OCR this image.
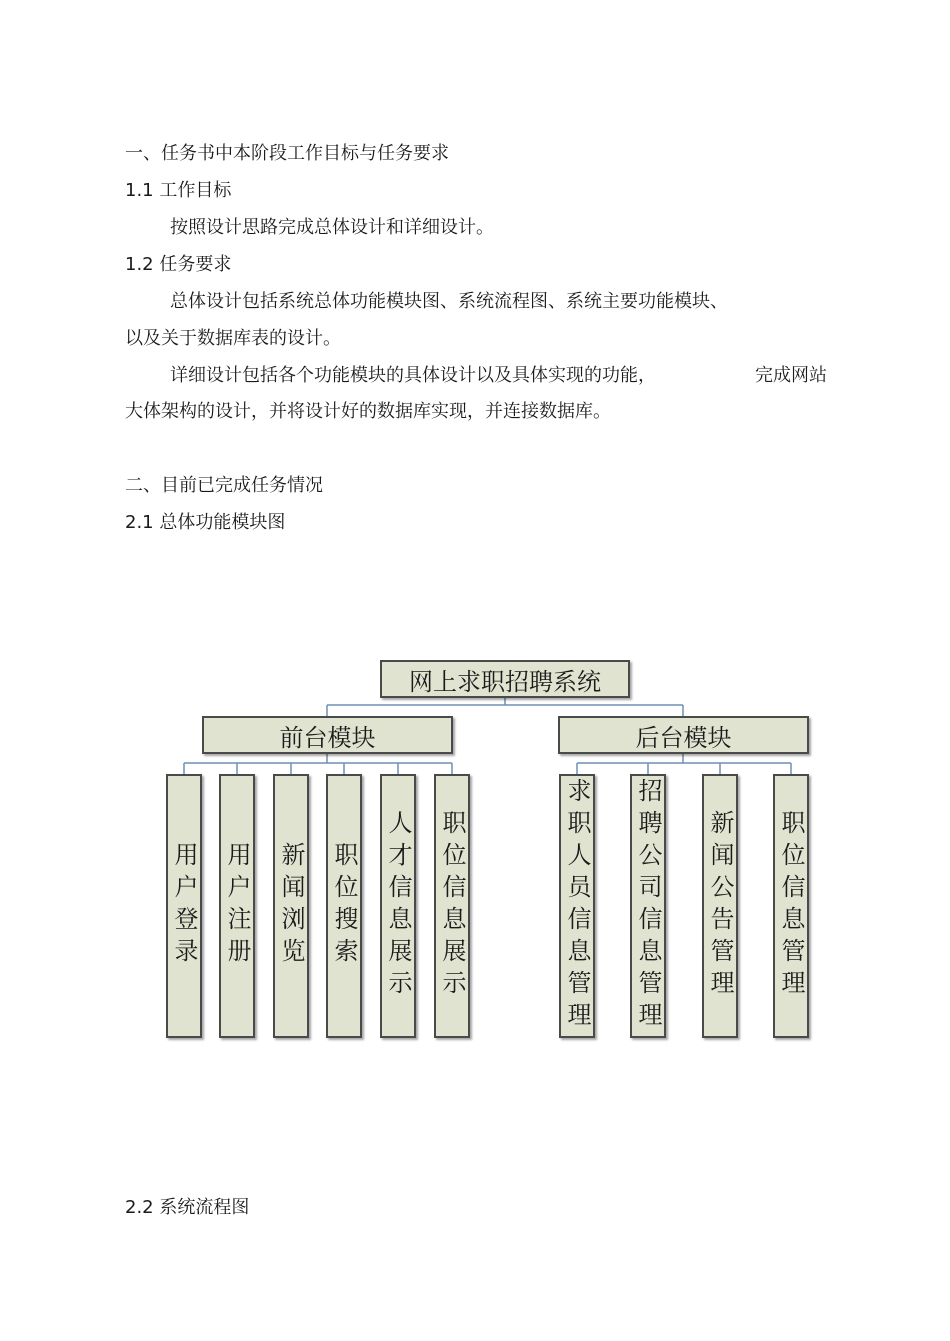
一、任务书中本阶段工作目标与任务要求
1.1 工作目标
按照设计思路完成总体设计和详细设计。
1.2 任务要求
总体设计包括系统总体功能模块图、系统流程图、系统主要功能模块、
以及关于数据库表的设计。
详细设计包括各个功能模块的具体设计以及具体实现的功能，	完成网站
大体架构的设计，并将设计好的数据库实现，并连接数据库。
二、目前已完成任务情况
2.1 总体功能模块图
2.2 系统流程图
网上求职招聘系统
前台模块	后台模块
用户登录 用户注册 新闻浏览 职位搜索 人才信息展示 职位信息展示	求职人员信息管理 招聘公司信息管理 新闻公告管理 职位信息管理
